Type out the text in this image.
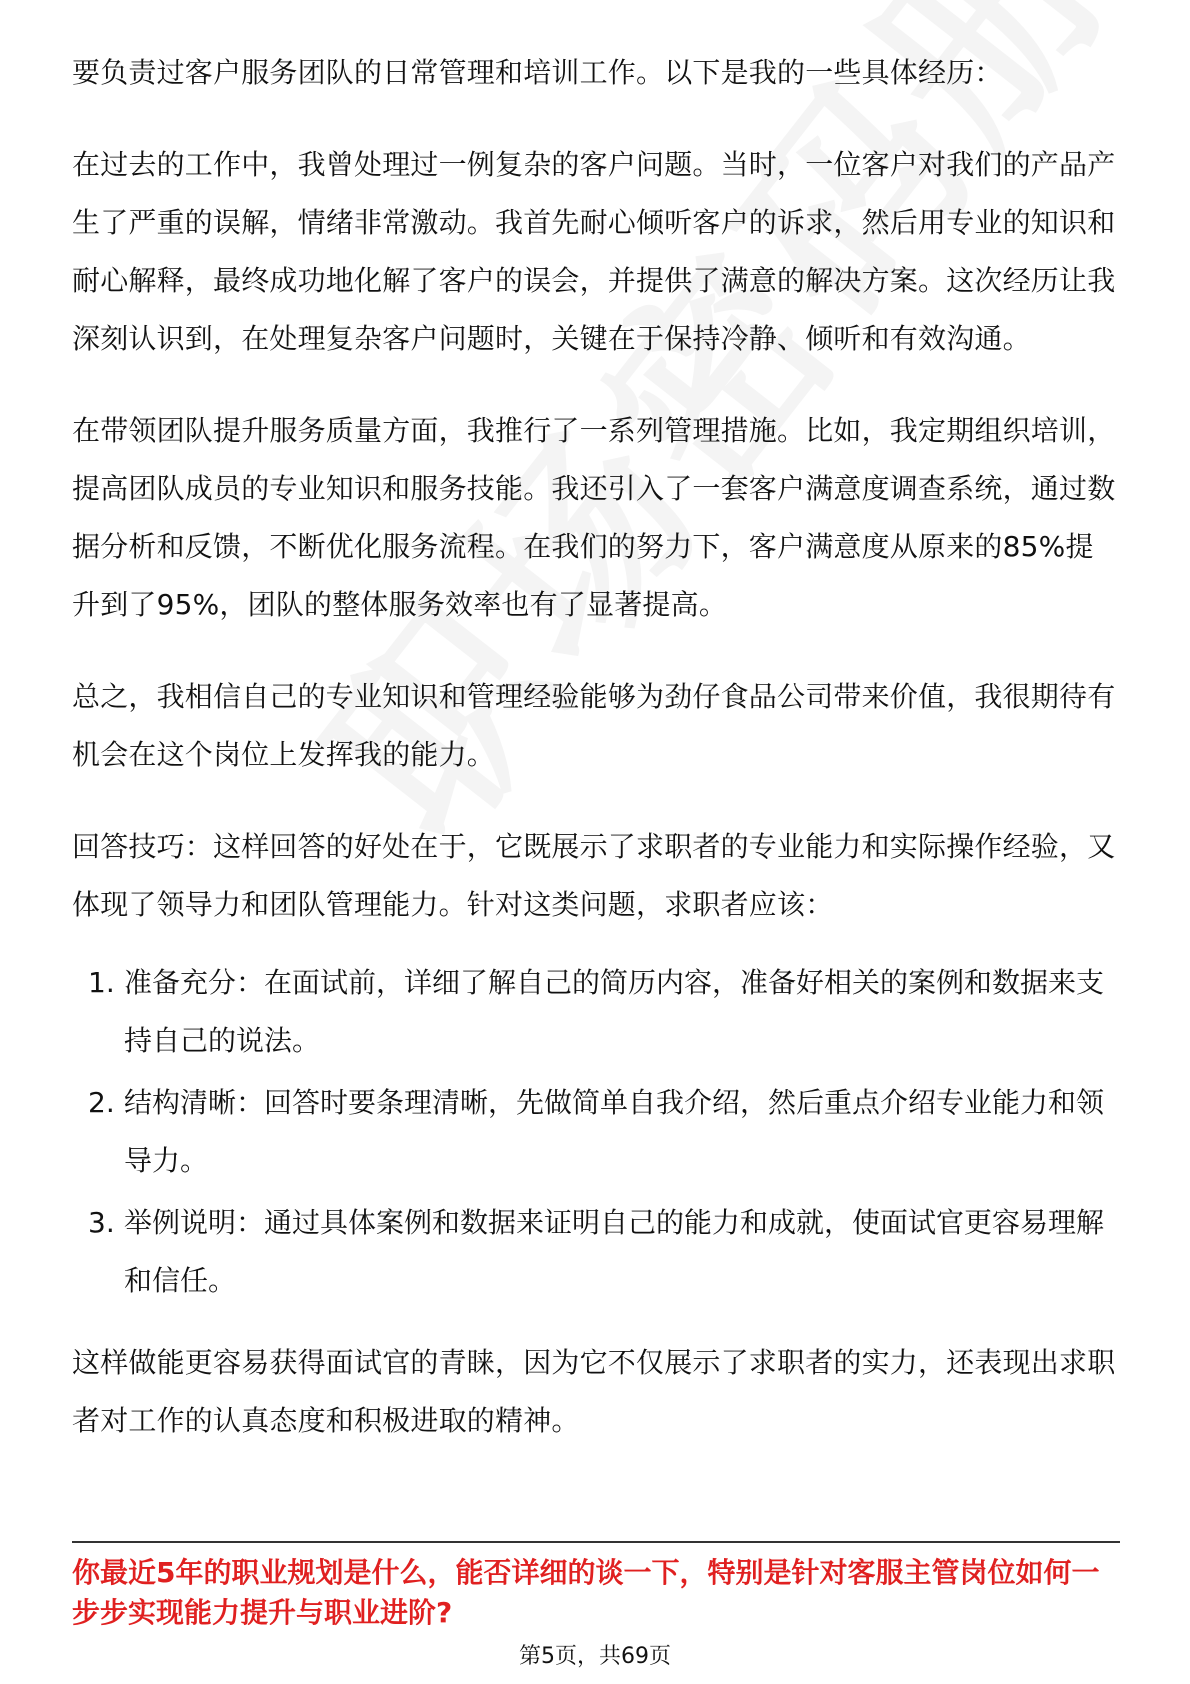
要负责过客户服务团队的日常管理和培训工作。以下是我的一些具体经历：

在过去的工作中，我曾处理过一例复杂的客户问题。当时，一位客户对我们的产品产生了严重的误解，情绪非常激动。我首先耐心倾听客户的诉求，然后用专业的知识和耐心解释，最终成功地化解了客户的误会，并提供了满意的解决方案。这次经历让我深刻认识到，在处理复杂客户问题时，关键在于保持冷静、倾听和有效沟通。

在带领团队提升服务质量方面，我推行了一系列管理措施。比如，我定期组织培训，提高团队成员的专业知识和服务技能。我还引入了一套客户满意度调查系统，通过数据分析和反馈，不断优化服务流程。在我们的努力下，客户满意度从原来的85%提升到了95%，团队的整体服务效率也有了显著提高。

总之，我相信自己的专业知识和管理经验能够为劲仔食品公司带来价值，我很期待有机会在这个岗位上发挥我的能力。

回答技巧：这样回答的好处在于，它既展示了求职者的专业能力和实际操作经验，又体现了领导力和团队管理能力。针对这类问题，求职者应该：

1. 准备充分：在面试前，详细了解自己的简历内容，准备好相关的案例和数据来支持自己的说法。
2. 结构清晰：回答时要条理清晰，先做简单自我介绍，然后重点介绍专业能力和领导力。
3. 举例说明：通过具体案例和数据来证明自己的能力和成就，使面试官更容易理解和信任。

这样做能更容易获得面试官的青睐，因为它不仅展示了求职者的实力，还表现出求职者对工作的认真态度和积极进取的精神。

你最近5年的职业规划是什么，能否详细的谈一下，特别是针对客服主管岗位如何一步步实现能力提升与职业进阶?
第5页，共69页
